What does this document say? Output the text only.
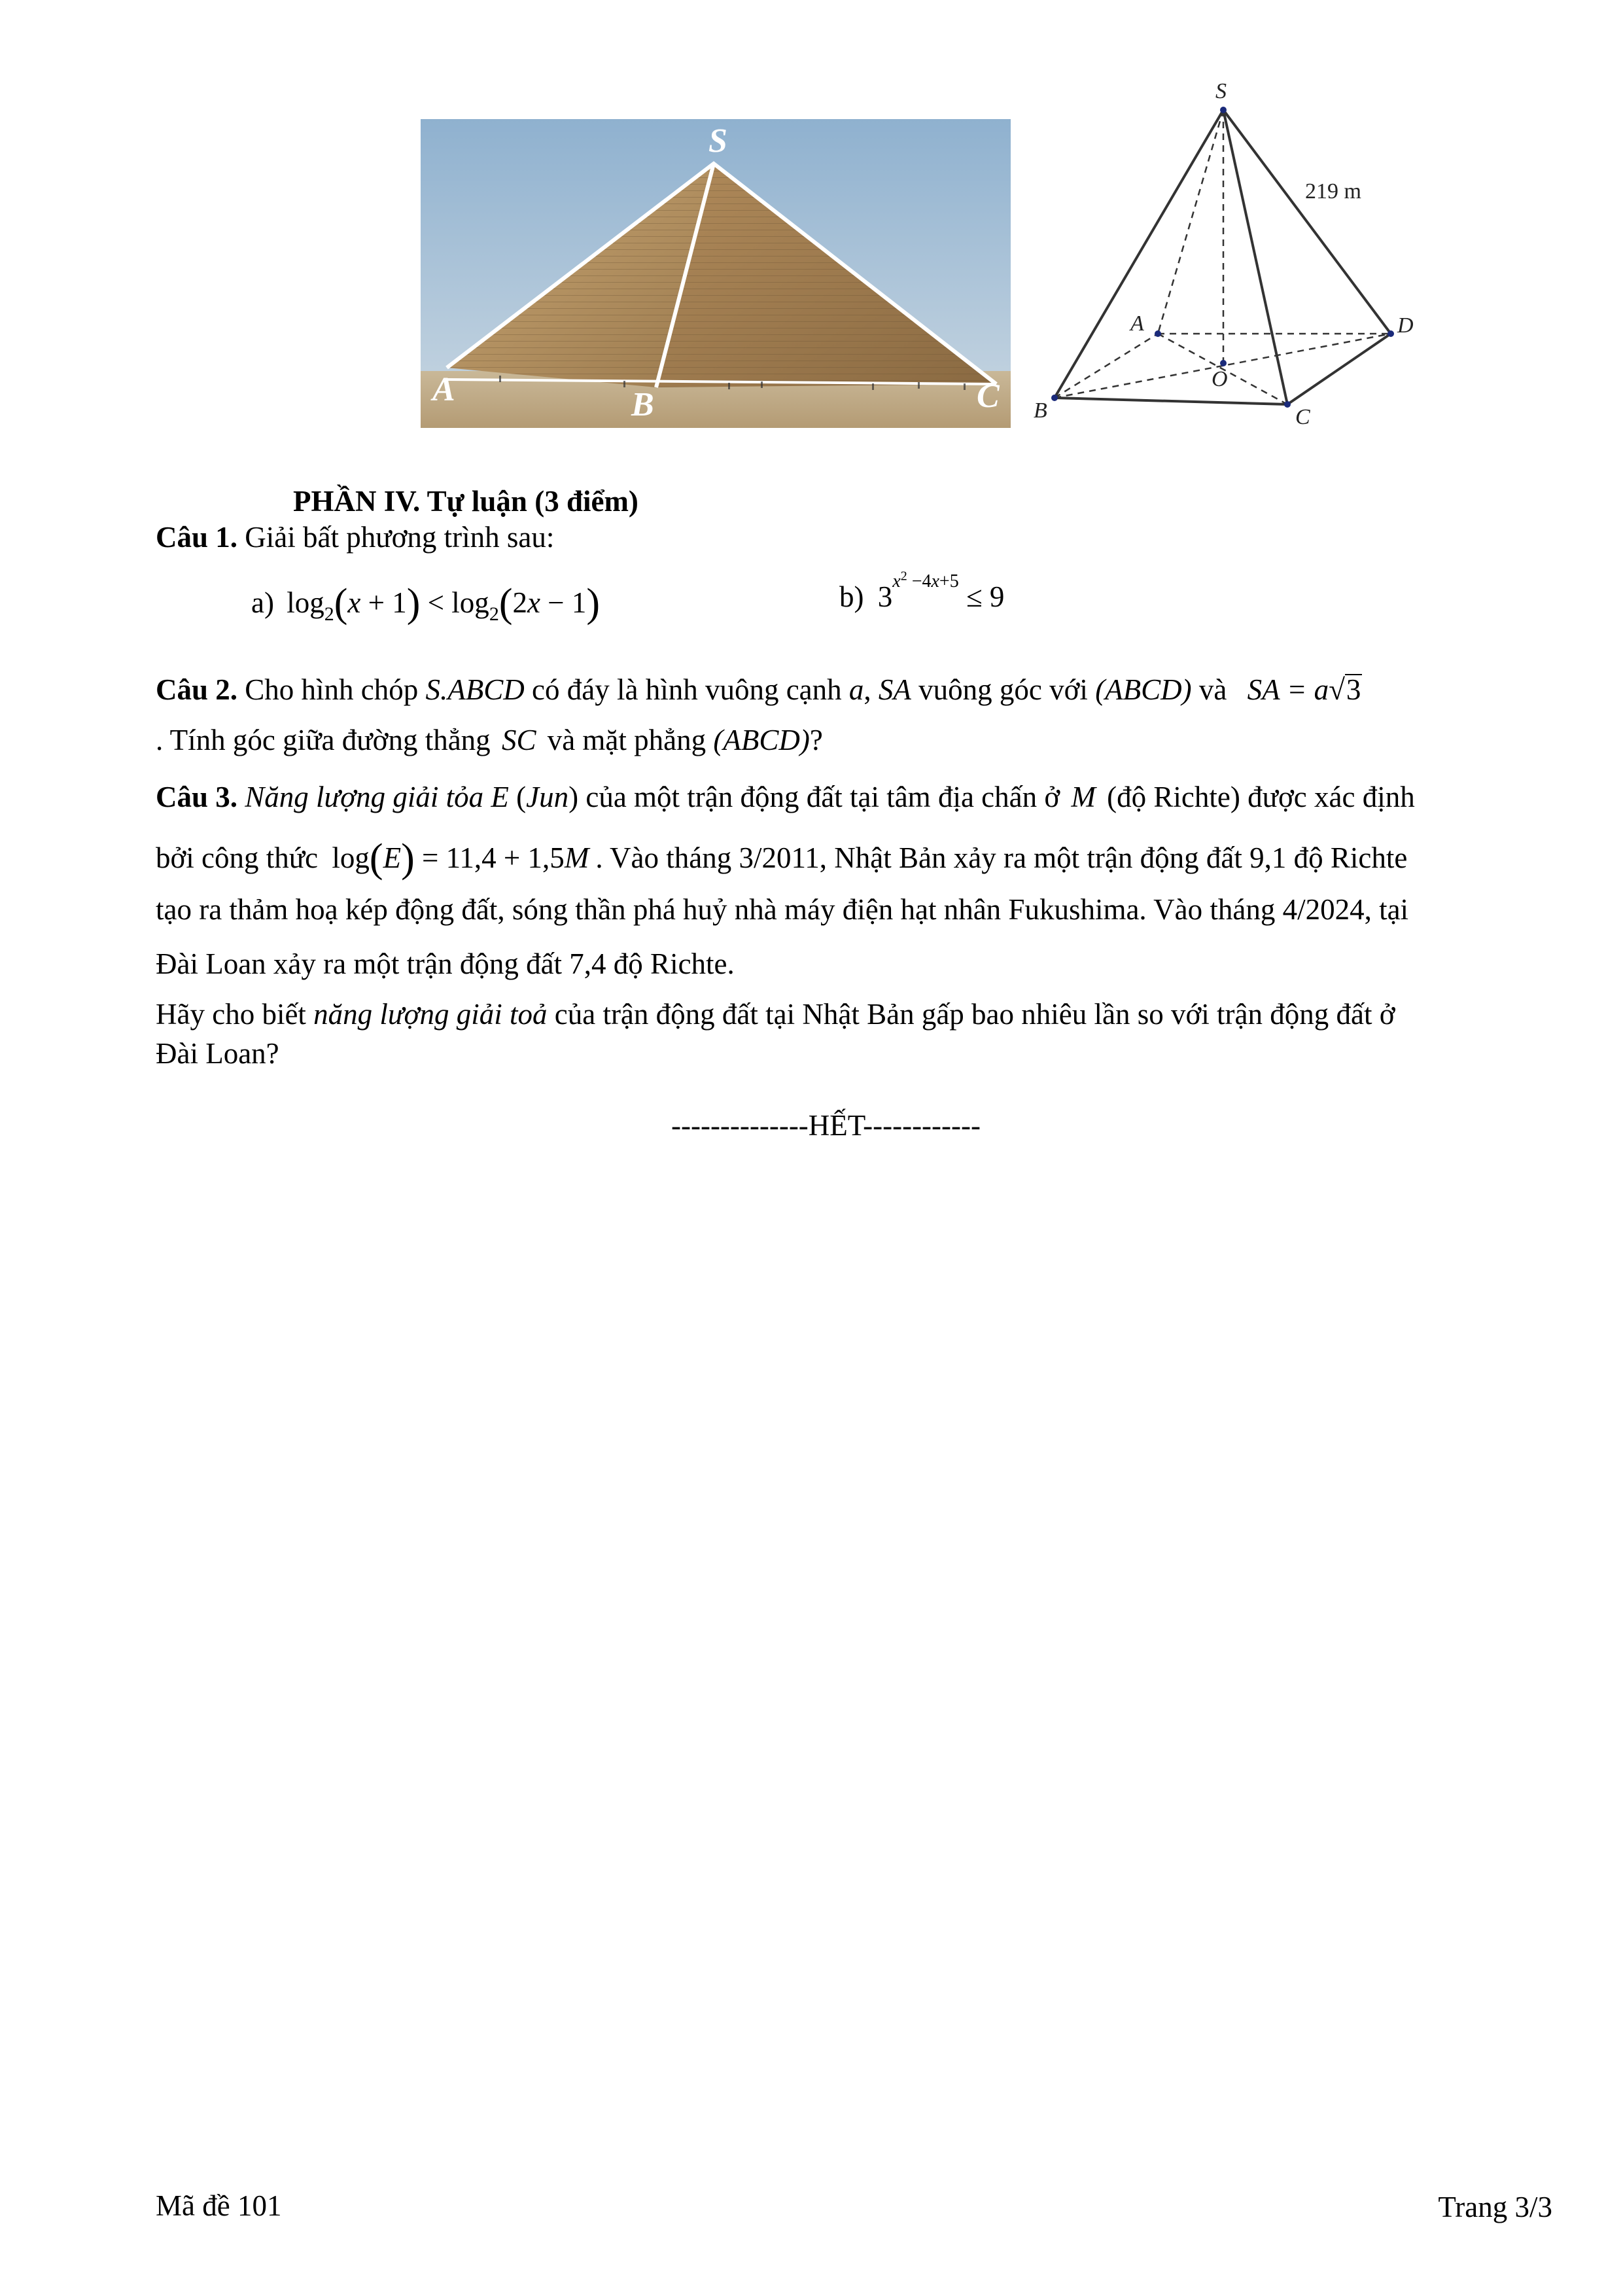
S
A	B	C
S
A	D
O
B	C
219 m
PHẦN IV. Tự luận (3 điểm)
Câu 1. Giải bất phương trình sau:
a) $\log_2(x + 1) < \log_2(2x - 1)$	b) $3^{x^2 -4x+5} \le 9$
Câu 2. Cho hình chóp S.ABCD có đáy là hình vuông cạnh a, SA vuông góc với (ABCD) và SA = a√3
. Tính góc giữa đường thẳng SC và mặt phẳng (ABCD)?
Câu 3. Năng lượng giải tỏa E (Jun) của một trận động đất tại tâm địa chấn ở M (độ Richte) được xác định
bởi công thức log(E) = 11,4 + 1,5M . Vào tháng 3/2011, Nhật Bản xảy ra một trận động đất 9,1 độ Richte
tạo ra thảm hoạ kép động đất, sóng thần phá huỷ nhà máy điện hạt nhân Fukushima. Vào tháng 4/2024, tại
Đài Loan xảy ra một trận động đất 7,4 độ Richte.
Hãy cho biết năng lượng giải toả của trận động đất tại Nhật Bản gấp bao nhiêu lần so với trận động đất ở
Đài Loan?
--------------HẾT------------
Mã đề 101	Trang 3/3
